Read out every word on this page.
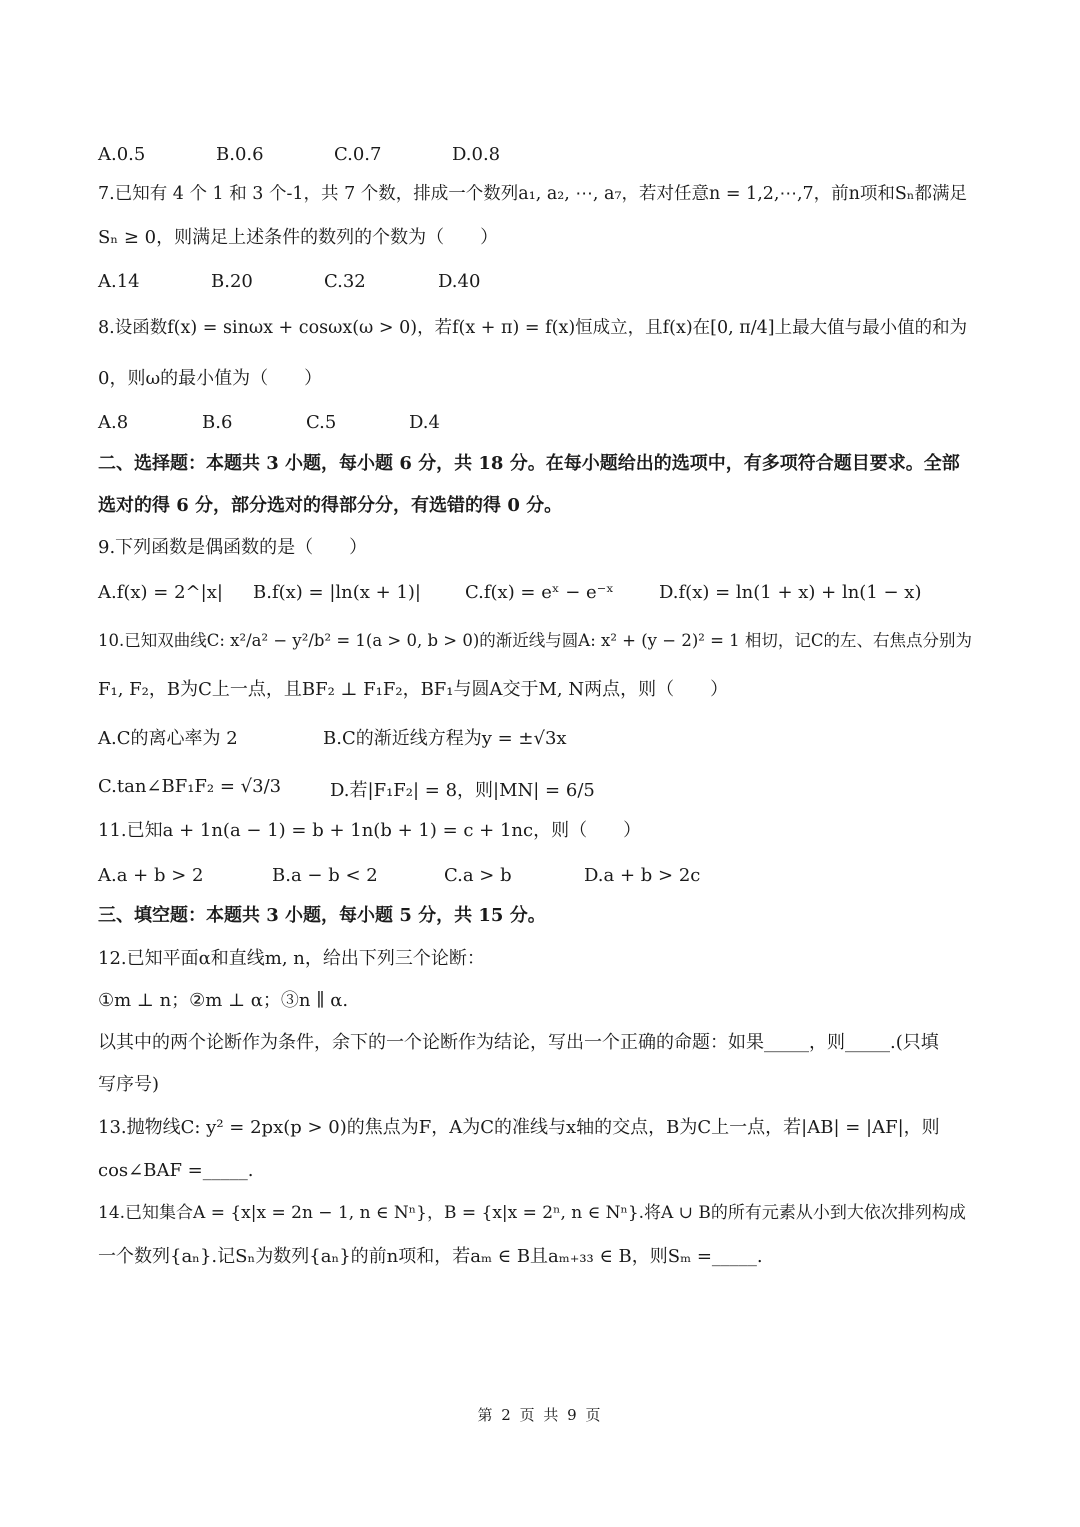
A.0.5	B.0.6	C.0.7	D.0.8
7.已知有 4 个 1 和 3 个-1，共 7 个数，排成一个数列a₁, a₂, ⋯, a₇，若对任意n = 1,2,⋯,7，前n项和Sₙ都满足
Sₙ ≥ 0，则满足上述条件的数列的个数为（　　）
A.14	B.20	C.32	D.40
8.设函数f(x) = sinωx + cosωx(ω > 0)，若f(x + π) = f(x)恒成立，且f(x)在[0, π/4]上最大值与最小值的和为
0，则ω的最小值为（　　）
A.8	B.6	C.5	D.4
二、选择题：本题共 3 小题，每小题 6 分，共 18 分。在每小题给出的选项中，有多项符合题目要求。全部
选对的得 6 分，部分选对的得部分分，有选错的得 0 分。
9.下列函数是偶函数的是（　　）
A.f(x) = 2^|x| B.f(x) = |ln(x + 1)| C.f(x) = eˣ − e⁻ˣ	D.f(x) = ln(1 + x) + ln(1 − x)
10.已知双曲线C: x²/a² − y²/b² = 1(a > 0, b > 0)的渐近线与圆A: x² + (y − 2)² = 1 相切，记C的左、右焦点分别为
F₁, F₂，B为C上一点，且BF₂ ⊥ F₁F₂，BF₁与圆A交于M, N两点，则（　　）
A.C的离心率为 2	B.C的渐近线方程为y = ±√3x
C.tan∠BF₁F₂ = √3/3	D.若|F₁F₂| = 8，则|MN| = 6/5
11.已知a + 1n(a − 1) = b + 1n(b + 1) = c + 1nc，则（　　）
A.a + b > 2	B.a − b < 2	C.a > b	D.a + b > 2c
三、填空题：本题共 3 小题，每小题 5 分，共 15 分。
12.已知平面α和直线m, n，给出下列三个论断：
①m ⊥ n；②m ⊥ α；③n ∥ α.
以其中的两个论断作为条件，余下的一个论断作为结论，写出一个正确的命题：如果_____，则_____.(只填
写序号)
13.抛物线C: y² = 2px(p > 0)的焦点为F，A为C的准线与x轴的交点，B为C上一点，若|AB| = |AF|，则
cos∠BAF =_____.
14.已知集合A = {x|x = 2n − 1, n ∈ Nⁿ}，B = {x|x = 2ⁿ, n ∈ Nⁿ}.将A ∪ B的所有元素从小到大依次排列构成
一个数列{aₙ}.记Sₙ为数列{aₙ}的前n项和，若aₘ ∈ B且aₘ₊₃₃ ∈ B，则Sₘ =_____.
第 2 页 共 9 页
